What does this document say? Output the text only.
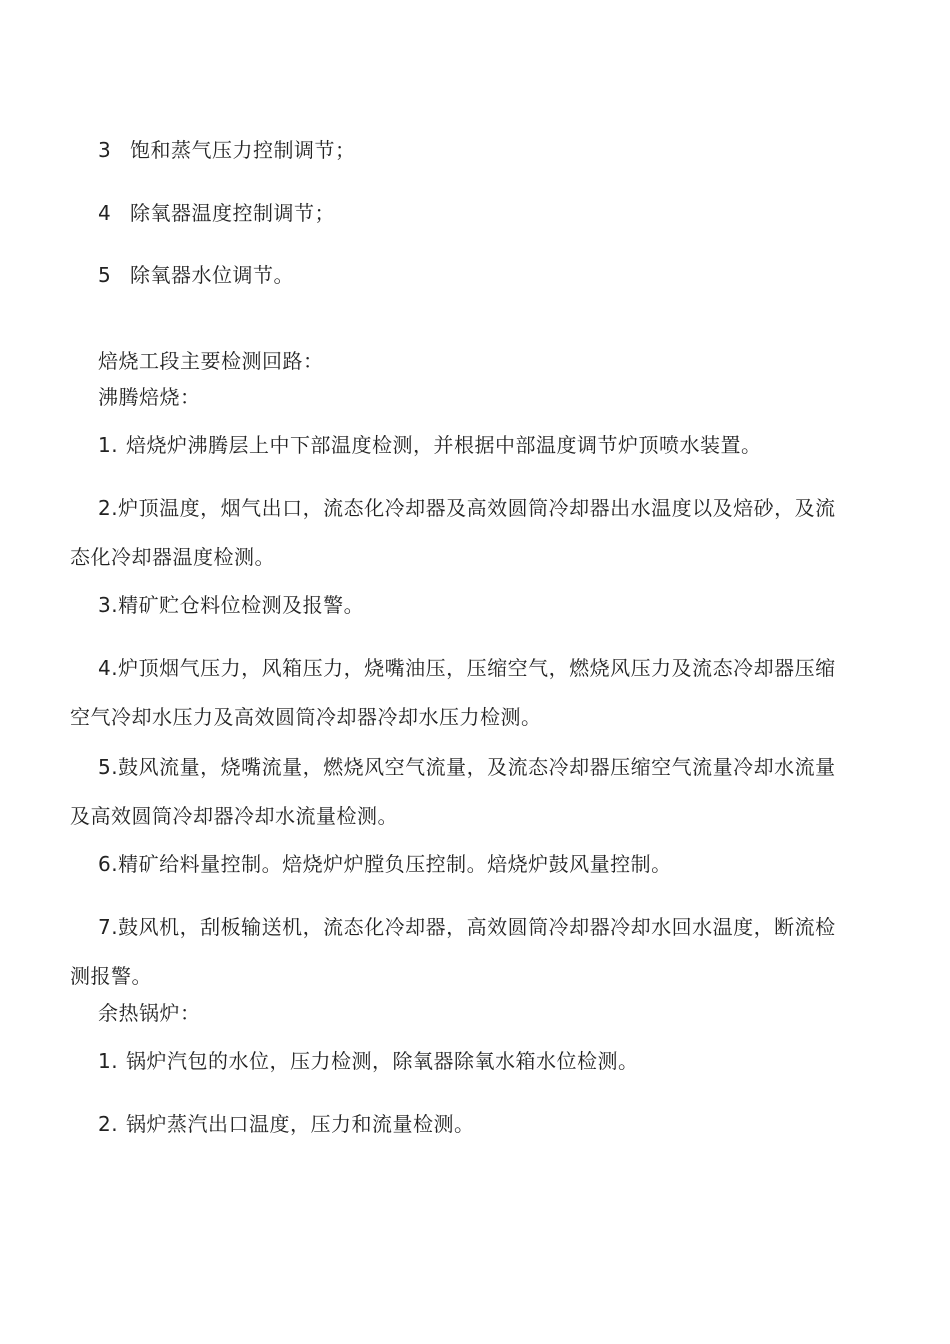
3 饱和蒸气压力控制调节；
4 除氧器温度控制调节；
5 除氧器水位调节。
焙烧工段主要检测回路：
沸腾焙烧：
1. 焙烧炉沸腾层上中下部温度检测，并根据中部温度调节炉顶喷水装置。
2.炉顶温度，烟气出口，流态化冷却器及高效圆筒冷却器出水温度以及焙砂，及流
态化冷却器温度检测。
3.精矿贮仓料位检测及报警。
4.炉顶烟气压力，风箱压力，烧嘴油压，压缩空气，燃烧风压力及流态冷却器压缩
空气冷却水压力及高效圆筒冷却器冷却水压力检测。
5.鼓风流量，烧嘴流量，燃烧风空气流量，及流态冷却器压缩空气流量冷却水流量
及高效圆筒冷却器冷却水流量检测。
6.精矿给料量控制。焙烧炉炉膛负压控制。焙烧炉鼓风量控制。
7.鼓风机，刮板输送机，流态化冷却器，高效圆筒冷却器冷却水回水温度，断流检
测报警。
余热锅炉：
1. 锅炉汽包的水位，压力检测，除氧器除氧水箱水位检测。
2. 锅炉蒸汽出口温度，压力和流量检测。
